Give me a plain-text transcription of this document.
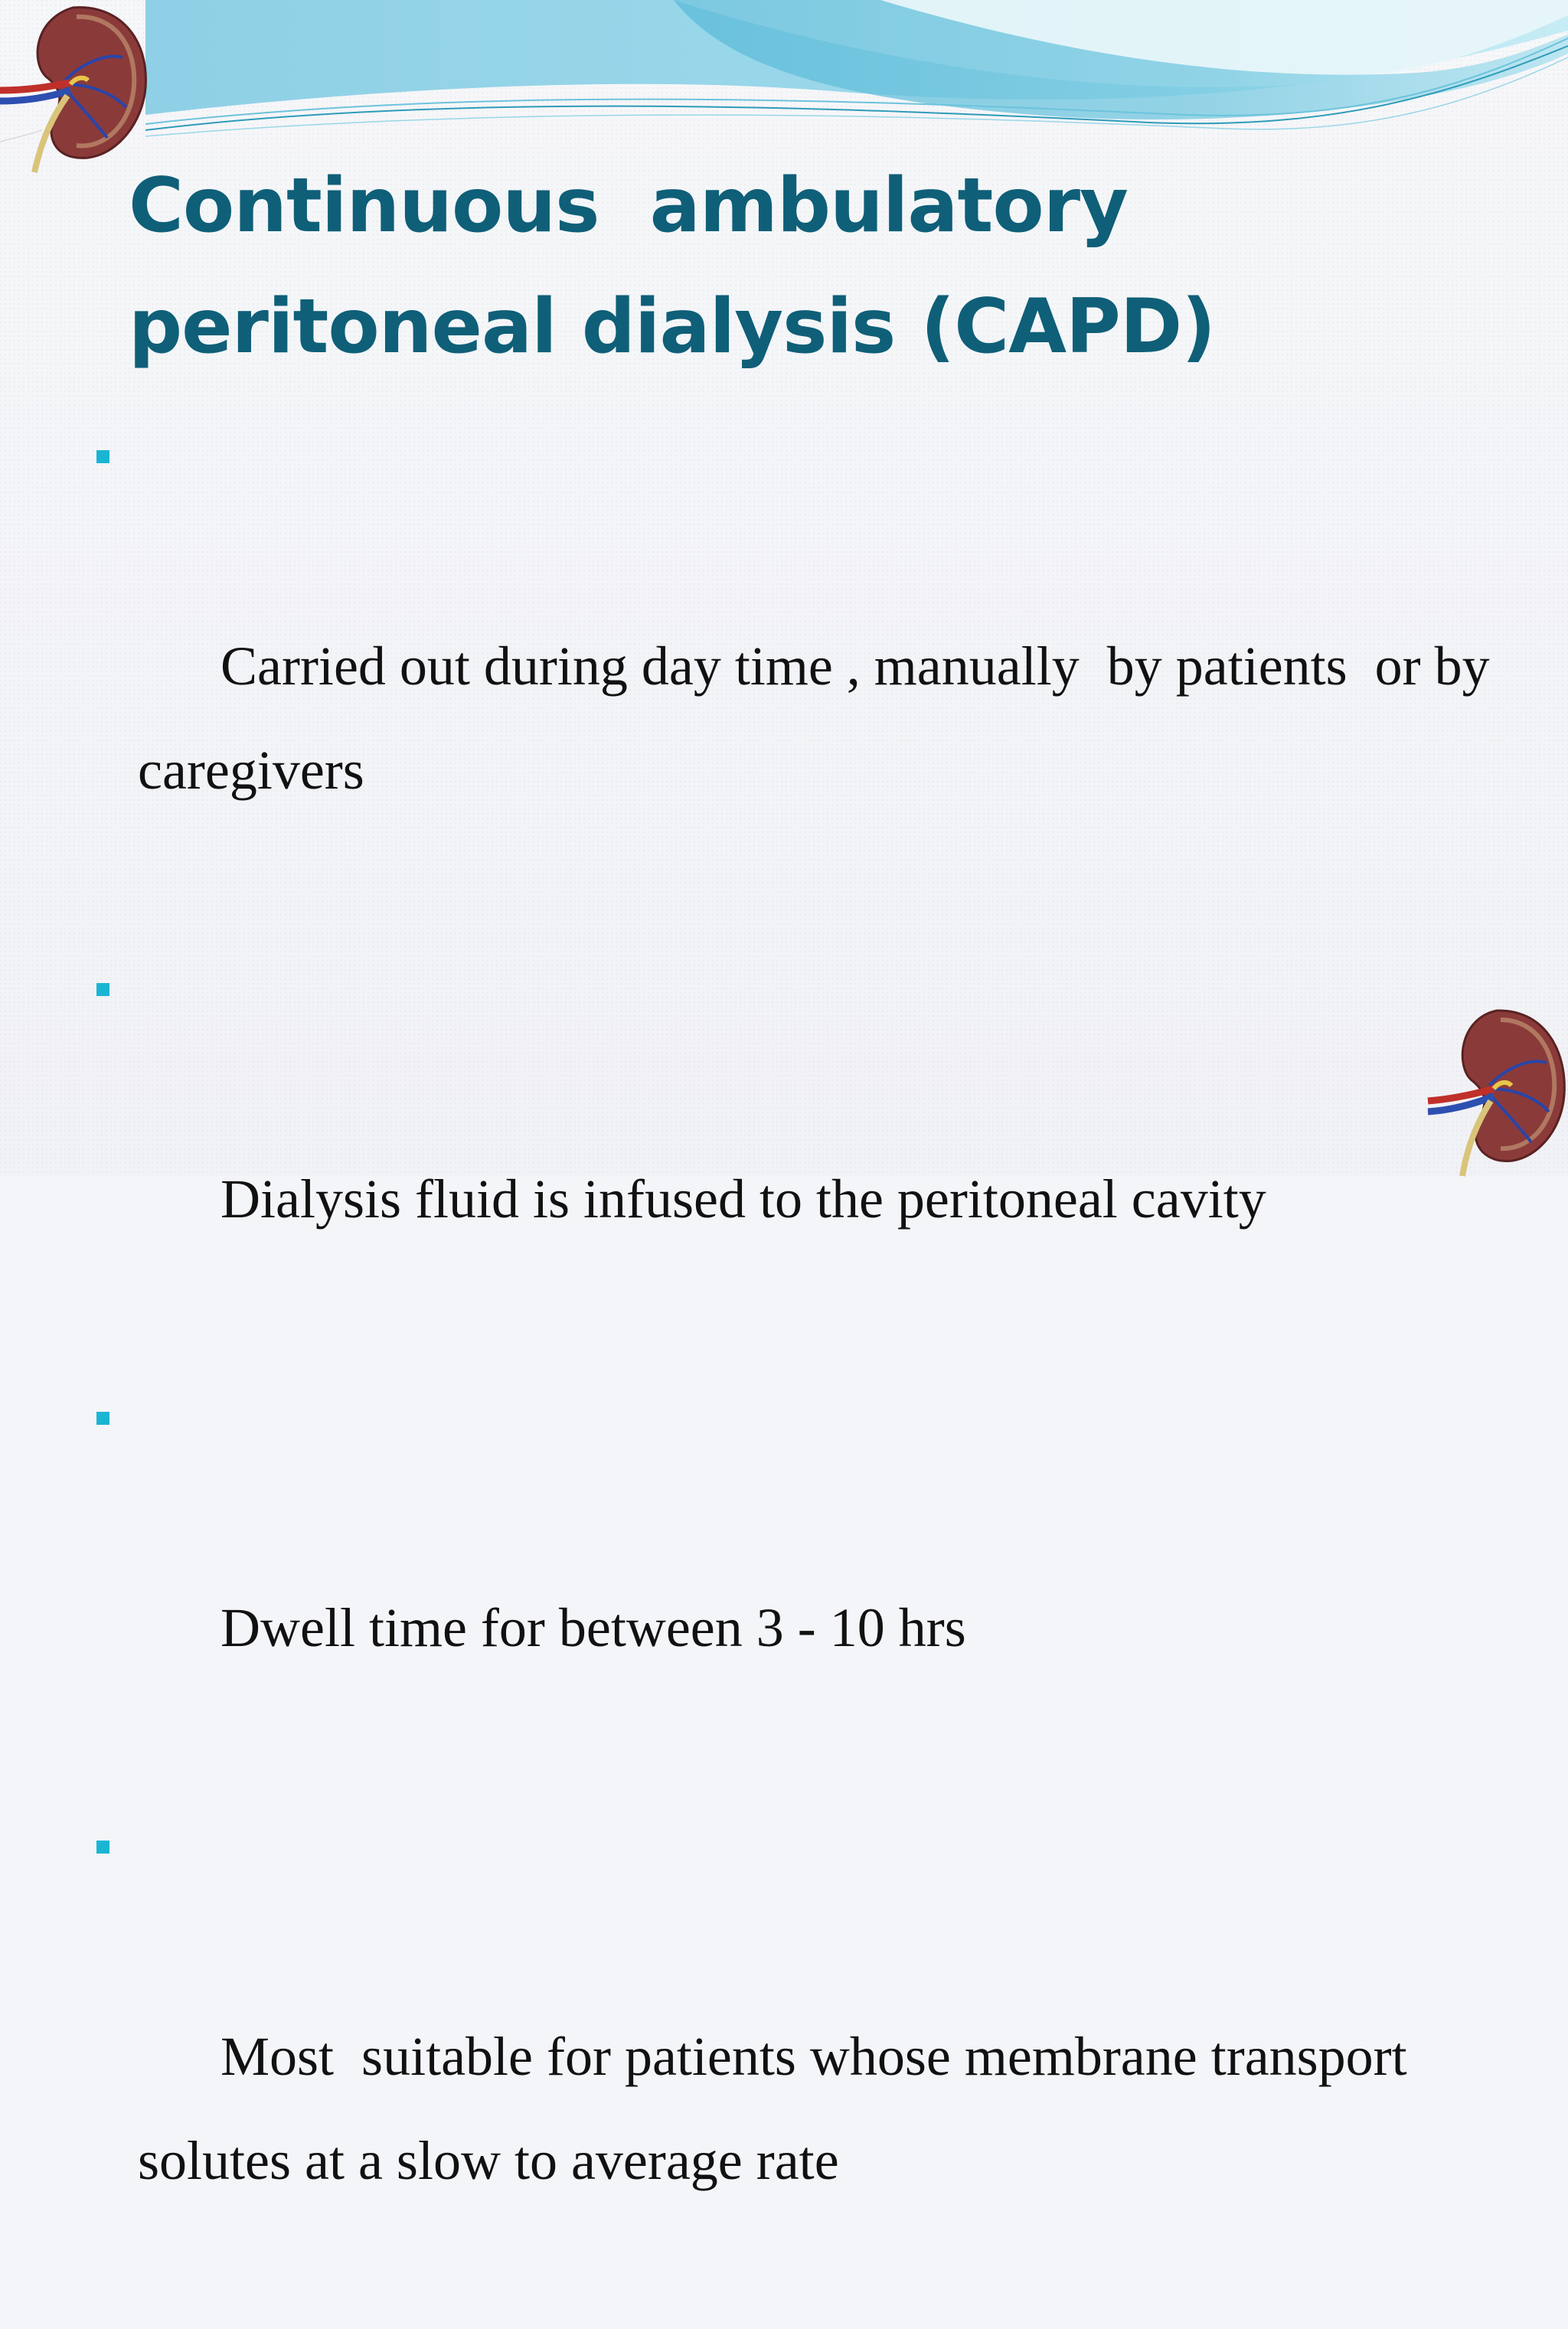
Continuous  ambulatory peritoneal dialysis (CAPD)

Carried out during day time , manually  by patients  or by caregivers

Dialysis fluid is infused to the peritoneal cavity

Dwell time for between 3 - 10 hrs

Most  suitable for patients whose membrane transport solutes at a slow to average rate
